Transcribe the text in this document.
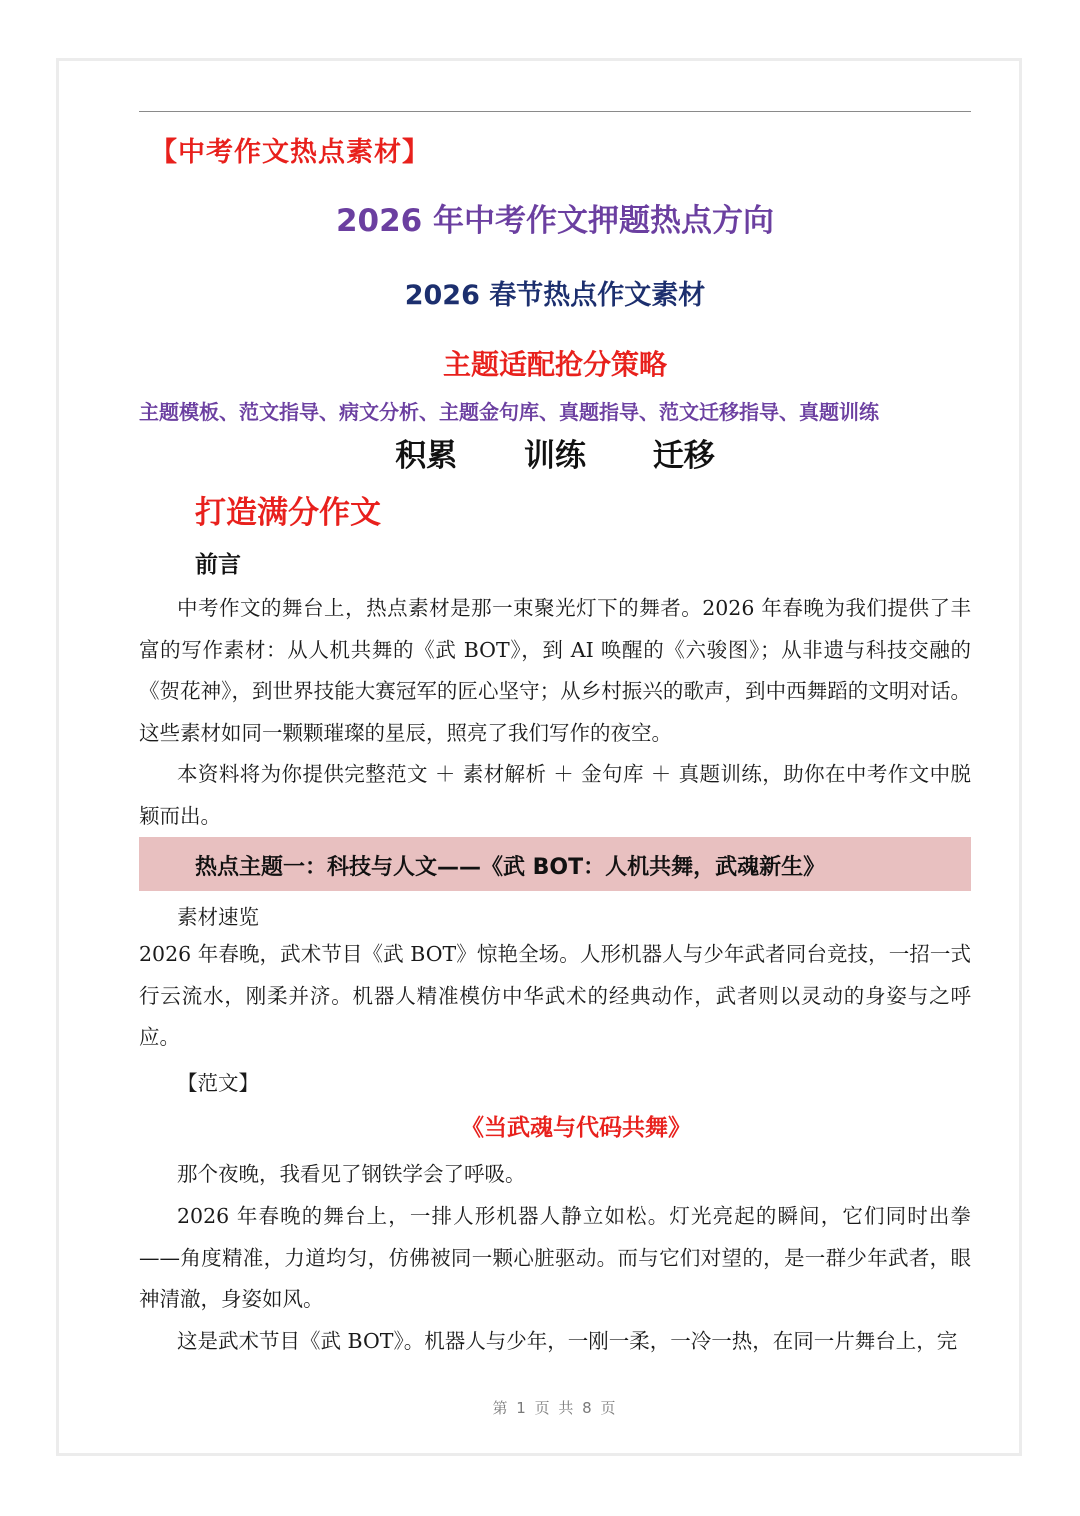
【中考作文热点素材】
2026 年中考作文押题热点方向
2026 春节热点作文素材
主题适配抢分策略
主题模板、范文指导、病文分析、主题金句库、真题指导、范文迁移指导、真题训练
积累 训练 迁移
打造满分作文
前言

中考作文的舞台上，热点素材是那一束聚光灯下的舞者。2026 年春晚为我们提供了丰富的写作素材：从人机共舞的《武 BOT》，到 AI 唤醒的《六骏图》；从非遗与科技交融的《贺花神》，到世界技能大赛冠军的匠心坚守；从乡村振兴的歌声，到中西舞蹈的文明对话。这些素材如同一颗颗璀璨的星辰，照亮了我们写作的夜空。

本资料将为你提供完整范文 ＋ 素材解析 ＋ 金句库 ＋ 真题训练，助你在中考作文中脱颖而出。

热点主题一：科技与人文——《武 BOT：人机共舞，武魂新生》
素材速览

2026 年春晚，武术节目《武 BOT》惊艳全场。人形机器人与少年武者同台竞技，一招一式行云流水，刚柔并济。机器人精准模仿中华武术的经典动作，武者则以灵动的身姿与之呼应。

【范文】
《当武魂与代码共舞》

那个夜晚，我看见了钢铁学会了呼吸。

2026 年春晚的舞台上，一排人形机器人静立如松。灯光亮起的瞬间，它们同时出拳——角度精准，力道均匀，仿佛被同一颗心脏驱动。而与它们对望的，是一群少年武者，眼神清澈，身姿如风。

这是武术节目《武 BOT》。机器人与少年，一刚一柔，一冷一热，在同一片舞台上，完

第 1 页 共 8 页
